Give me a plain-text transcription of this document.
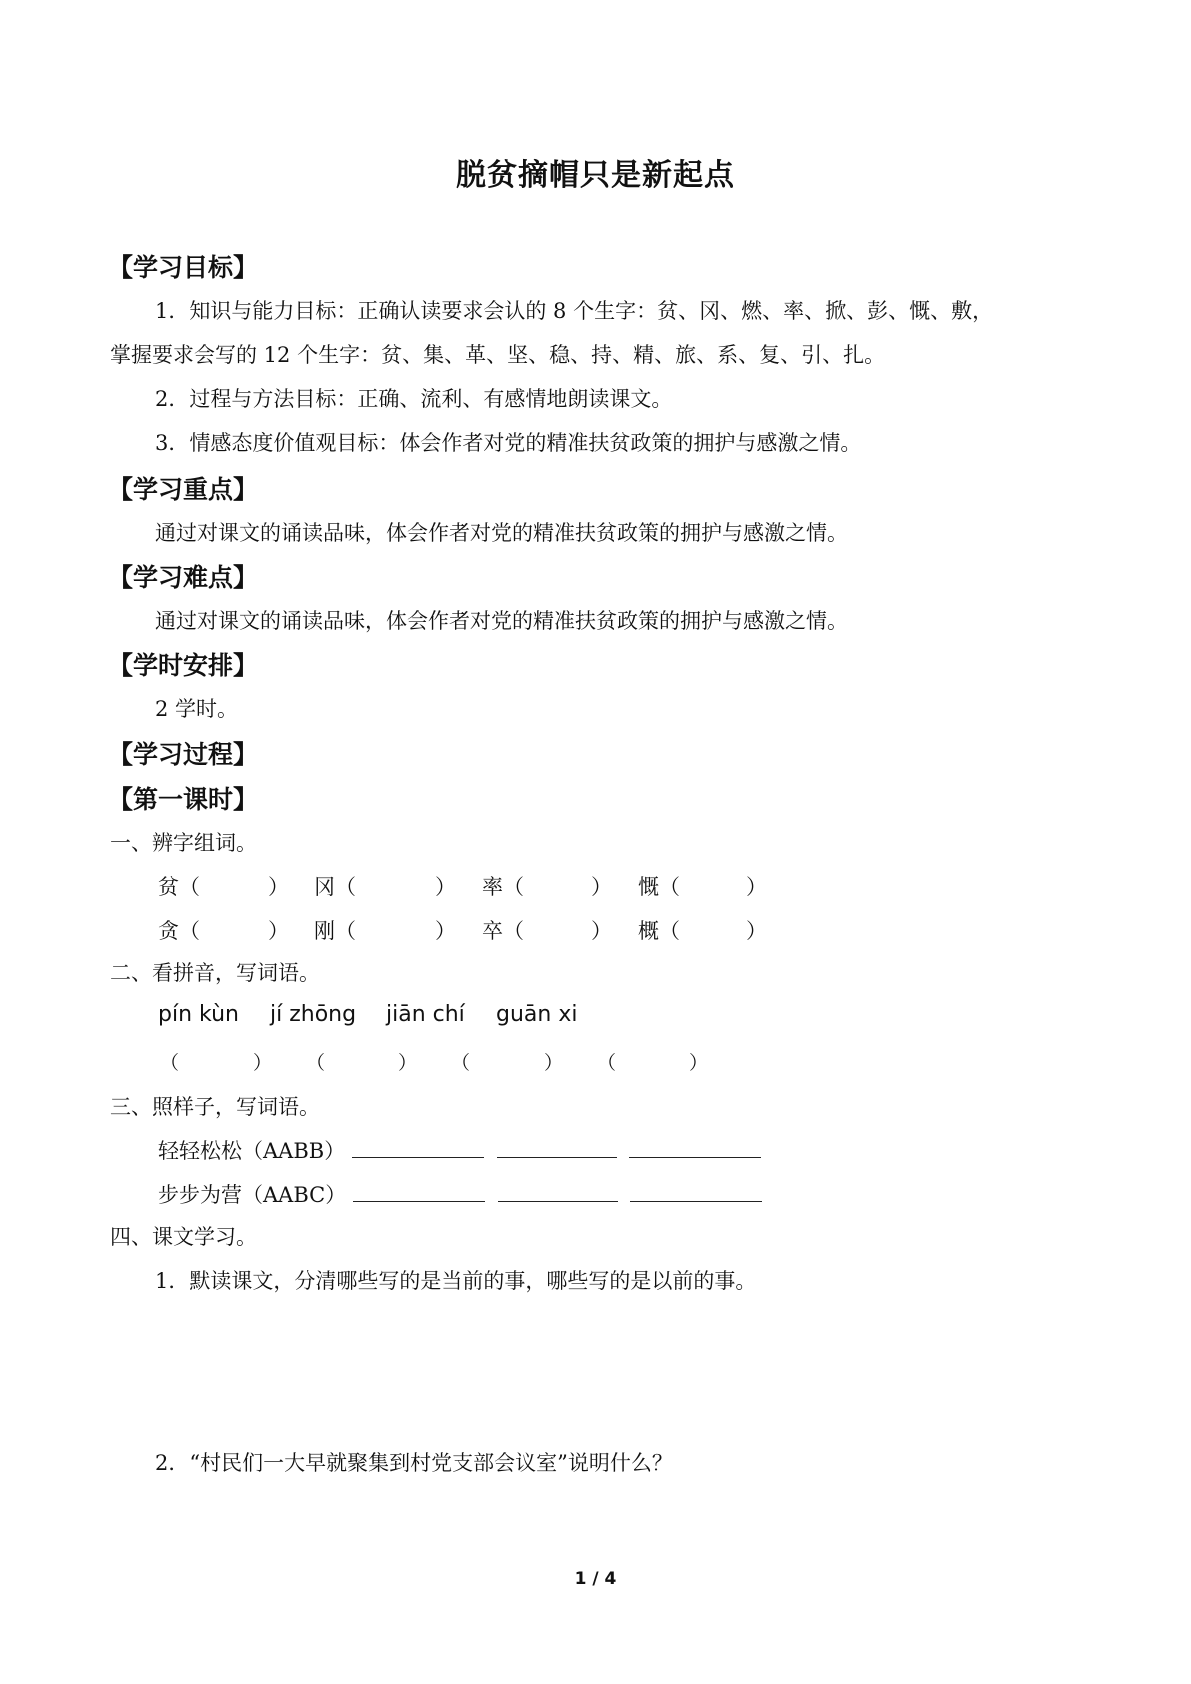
脱贫摘帽只是新起点
【学习目标】
1．知识与能力目标：正确认读要求会认的 8 个生字：贫、冈、燃、率、掀、彭、慨、敷，
掌握要求会写的 12 个生字：贫、集、革、坚、稳、持、精、旅、系、复、引、扎。
2．过程与方法目标：正确、流利、有感情地朗读课文。
3．情感态度价值观目标：体会作者对党的精准扶贫政策的拥护与感激之情。
【学习重点】
通过对课文的诵读品味，体会作者对党的精准扶贫政策的拥护与感激之情。
【学习难点】
通过对课文的诵读品味，体会作者对党的精准扶贫政策的拥护与感激之情。
【学时安排】
2 学时。
【学习过程】
【第一课时】
一、辨字组词。
贫（	） 冈（	） 率（	） 慨（	）
贪（	） 刚（	） 卒（	） 概（	）
二、看拼音，写词语。
pín kùn jí zhōng jiān chí guān xi
（	） （	） （	） （	）
三、照样子，写词语。
轻轻松松（AABB）
步步为营（AABC）
四、课文学习。
1．默读课文，分清哪些写的是当前的事，哪些写的是以前的事。
2．“村民们一大早就聚集到村党支部会议室”说明什么？
1 / 4
